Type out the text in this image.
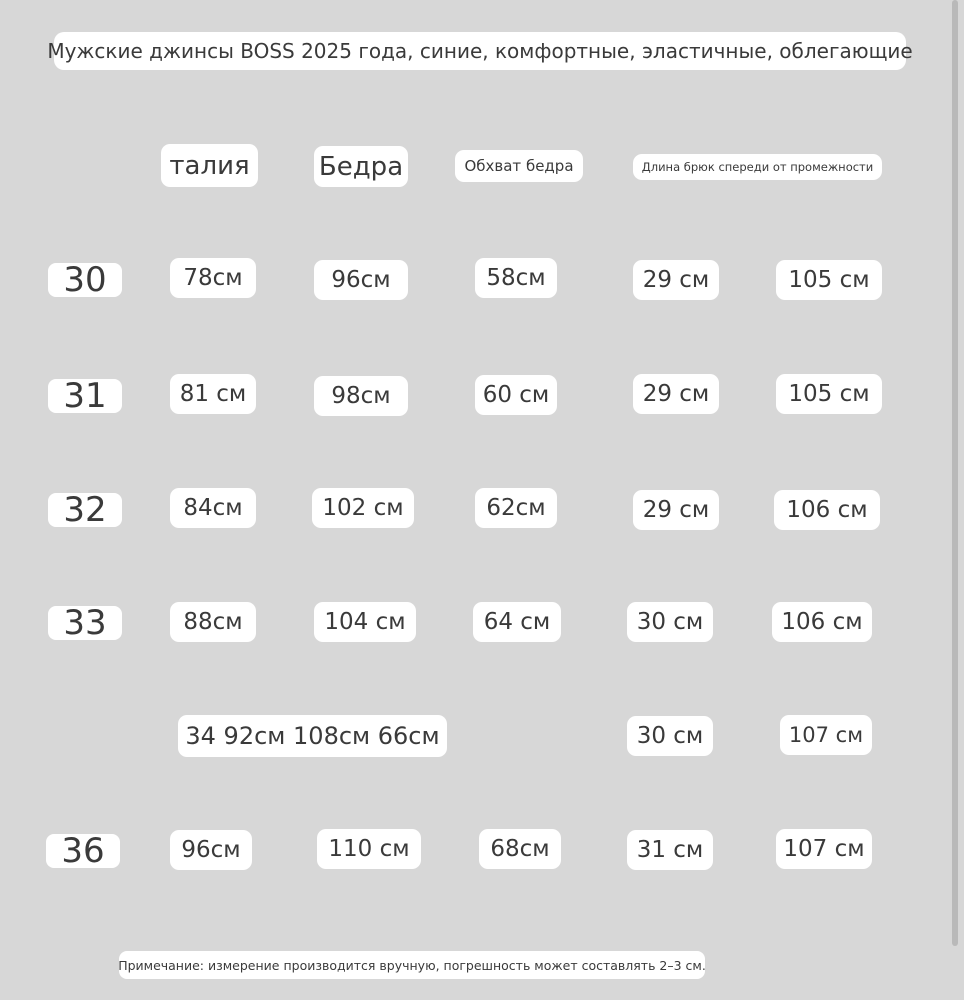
Мужские джинсы BOSS 2025 года, синие, комфортные, эластичные, облегающие
талия	Бедра	Обхват бедра	Длина брюк спереди от промежности
30	78см	96см	58см	29 см	105 см
31	81 см	98см	60 см	29 см	105 см
32	84см	102 см	62см	29 см	106 см
33	88см	104 см	64 см	30 см	106 см
34 92см 108см 66см	30 см	107 см
36	96см	110 см	68см	31 см	107 см
Примечание: измерение производится вручную, погрешность может составлять 2–3 см.
